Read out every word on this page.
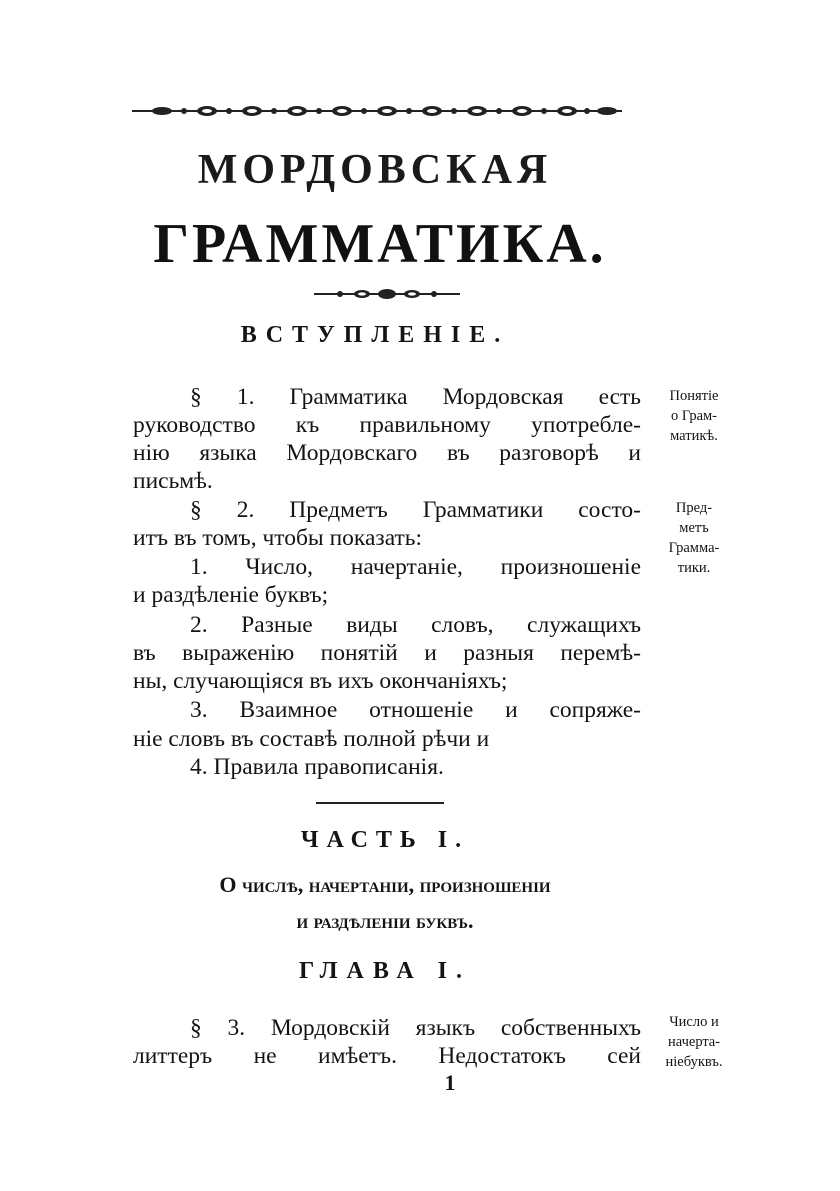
МОРДОВСКАЯ
ГРАММАТИКА.
ВСТУПЛЕНІЕ.
§ 1. Грамматика Мордовская есть
руководство къ правильному употребле-
нію языка Мордовскаго въ разговорѣ и
письмѣ.
§ 2. Предметъ Грамматики состо-
итъ въ томъ, чтобы показать:
1. Число, начертаніе, произношеніе
и раздѣленіе буквъ;
2. Разные виды словъ, служащихъ
въ выраженію понятій и разныя перемѣ-
ны, случающіяся въ ихъ окончаніяхъ;
3. Взаимное отношеніе и сопряже-
ніе словъ въ составѣ полной рѣчи и
4. Правила правописанія.
Понятіе
о Грам-
матикѣ.
Пред-
метъ
Грамма-
тики.
ЧАСТЬ I.
О числѣ, начертаніи, произношеніи
и раздѣленіи буквъ.
ГЛАВА I.
§ 3. Мордовскій языкъ собственныхъ
литтеръ не имѣетъ. Недостатокъ сей
Число и
начертa-
ніебуквъ.
1
